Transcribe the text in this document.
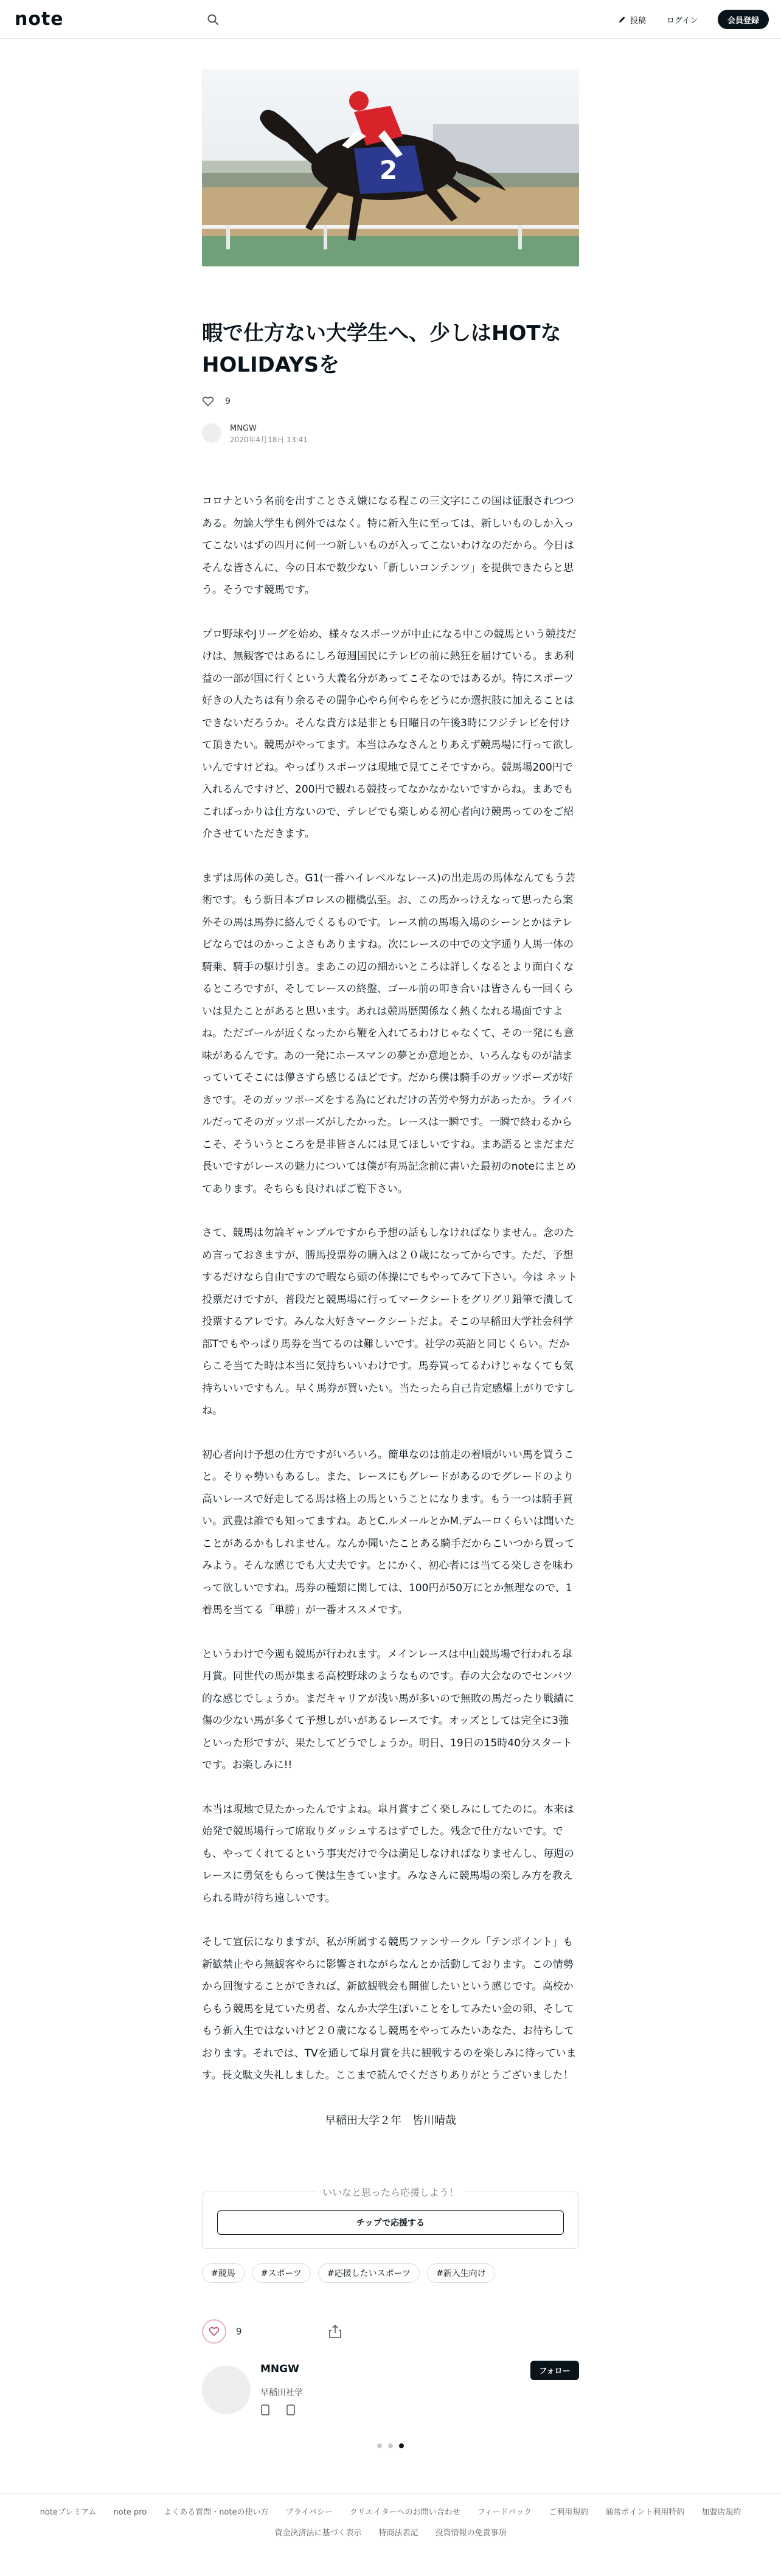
note	投稿	ログイン	会員登録
2
暇で仕方ない大学生へ、少しはHOTなHOLIDAYSを
9
MNGW
2020年4月18日 13:41

コロナという名前を出すことさえ嫌になる程この三文字にこの国は征服されつつある。勿論大学生も例外ではなく。特に新入生に至っては、新しいものしか入ってこないはずの四月に何一つ新しいものが入ってこないわけなのだから。今日はそんな皆さんに、今の日本で数少ない「新しいコンテンツ」を提供できたらと思う。そうです競馬です。

プロ野球やJリーグを始め、様々なスポーツが中止になる中この競馬という競技だけは、無観客ではあるにしろ毎週国民にテレビの前に熱狂を届けている。まあ利益の一部が国に行くという大義名分があってこそなのではあるが。特にスポーツ好きの人たちは有り余るその闘争心やら何やらをどうにか選択肢に加えることはできないだろうか。そんな貴方は是非とも日曜日の午後3時にフジテレビを付けて頂きたい。競馬がやってます。本当はみなさんとりあえず競馬場に行って欲しいんですけどね。やっぱりスポーツは現地で見てこそですから。競馬場200円で入れるんですけど、200円で観れる競技ってなかなかないですからね。まあでもこればっかりは仕方ないので、テレビでも楽しめる初心者向け競馬ってのをご紹介させていただきます。

まずは馬体の美しさ。G1(一番ハイレベルなレース)の出走馬の馬体なんてもう芸術です。もう新日本プロレスの棚橋弘至。お、この馬かっけえなって思ったら案外その馬は馬券に絡んでくるものです。レース前の馬場入場のシーンとかはテレビならではのかっこよさもありますね。次にレースの中での文字通り人馬一体の騎乗、騎手の駆け引き。まあこの辺の細かいところは詳しくなるとより面白くなるところですが、そしてレースの終盤、ゴール前の叩き合いは皆さんも一回くらいは見たことがあると思います。あれは競馬歴関係なく熱くなれる場面ですよね。ただゴールが近くなったから鞭を入れてるわけじゃなくて、その一発にも意味があるんです。あの一発にホースマンの夢とか意地とか、いろんなものが詰まっていてそこには儚さすら感じるほどです。だから僕は騎手のガッツポーズが好きです。そのガッツポーズをする為にどれだけの苦労や努力があったか。ライバルだってそのガッツポーズがしたかった。レースは一瞬です。一瞬で終わるからこそ、そういうところを是非皆さんには見てほしいですね。まあ語るとまだまだ長いですがレースの魅力については僕が有馬記念前に書いた最初のnoteにまとめてあります。そちらも良ければご覧下さい。

さて、競馬は勿論ギャンブルですから予想の話もしなければなりません。念のため言っておきますが、勝馬投票券の購入は２０歳になってからです。ただ、予想するだけなら自由ですので暇なら頭の体操にでもやってみて下さい。今は ネット投票だけですが、普段だと競馬場に行ってマークシートをグリグリ鉛筆で潰して投票するアレです。みんな大好きマークシートだよ。そこの早稲田大学社会科学部Tでもやっぱり馬券を当てるのは難しいです。社学の英語と同じくらい。だからこそ当てた時は本当に気持ちいいわけです。馬券買ってるわけじゃなくても気持ちいいですもん。早く馬券が買いたい。当たったら自己肯定感爆上がりですしね。

初心者向け予想の仕方ですがいろいろ。簡単なのは前走の着順がいい馬を買うこと。そりゃ勢いもあるし。また、レースにもグレードがあるのでグレードのより高いレースで好走してる馬は格上の馬ということになります。もう一つは騎手買い。武豊は誰でも知ってますね。あとC.ルメールとかM.デムーロくらいは聞いたことがあるかもしれません。なんか聞いたことある騎手だからこいつから買ってみよう。そんな感じでも大丈夫です。とにかく、初心者には当てる楽しさを味わって欲しいですね。馬券の種類に関しては、100円が50万にとか無理なので、1着馬を当てる「単勝」が一番オススメです。

というわけで今週も競馬が行われます。メインレースは中山競馬場で行われる皐月賞。同世代の馬が集まる高校野球のようなものです。春の大会なのでセンバツ的な感じでしょうか。まだキャリアが浅い馬が多いので無敗の馬だったり戦績に傷の少ない馬が多くて予想しがいがあるレースです。オッズとしては完全に3強といった形ですが、果たしてどうでしょうか。明日、19日の15時40分スタートです。お楽しみに!!

本当は現地で見たかったんですよね。皐月賞すごく楽しみにしてたのに。本来は始発で競馬場行って席取りダッシュするはずでした。残念で仕方ないです。でも、やってくれてるという事実だけで今は満足しなければなりませんし、毎週のレースに勇気をもらって僕は生きています。みなさんに競馬場の楽しみ方を教えられる時が待ち遠しいです。

そして宣伝になりますが、私が所属する競馬ファンサークル「テンポイント」も新歓禁止やら無観客やらに影響されながらなんとか活動しております。この情勢から回復することができれば、新歓観戦会も開催したいという感じです。高校からもう競馬を見ていた勇者、なんか大学生ぽいことをしてみたい金の卵、そしてもう新入生ではないけど２０歳になるし競馬をやってみたいあなた、お待ちしております。それでは、TVを通して皐月賞を共に観戦するのを楽しみに待っています。長文駄文失礼しました。ここまで読んでくださりありがとうございました！

早稲田大学２年　皆川晴哉
いいなと思ったら応援しよう！
チップで応援する
#競馬	#スポーツ	#応援したいスポーツ	#新入生向け
9
MNGW
早稲田社学
フォロー
noteプレミアム note pro よくある質問・noteの使い方 プライバシー クリエイターへのお問い合わせ フィードバック ご利用規約 通常ポイント利用特約 加盟店規約
資金決済法に基づく表示 特商法表記 投資情報の免責事項
